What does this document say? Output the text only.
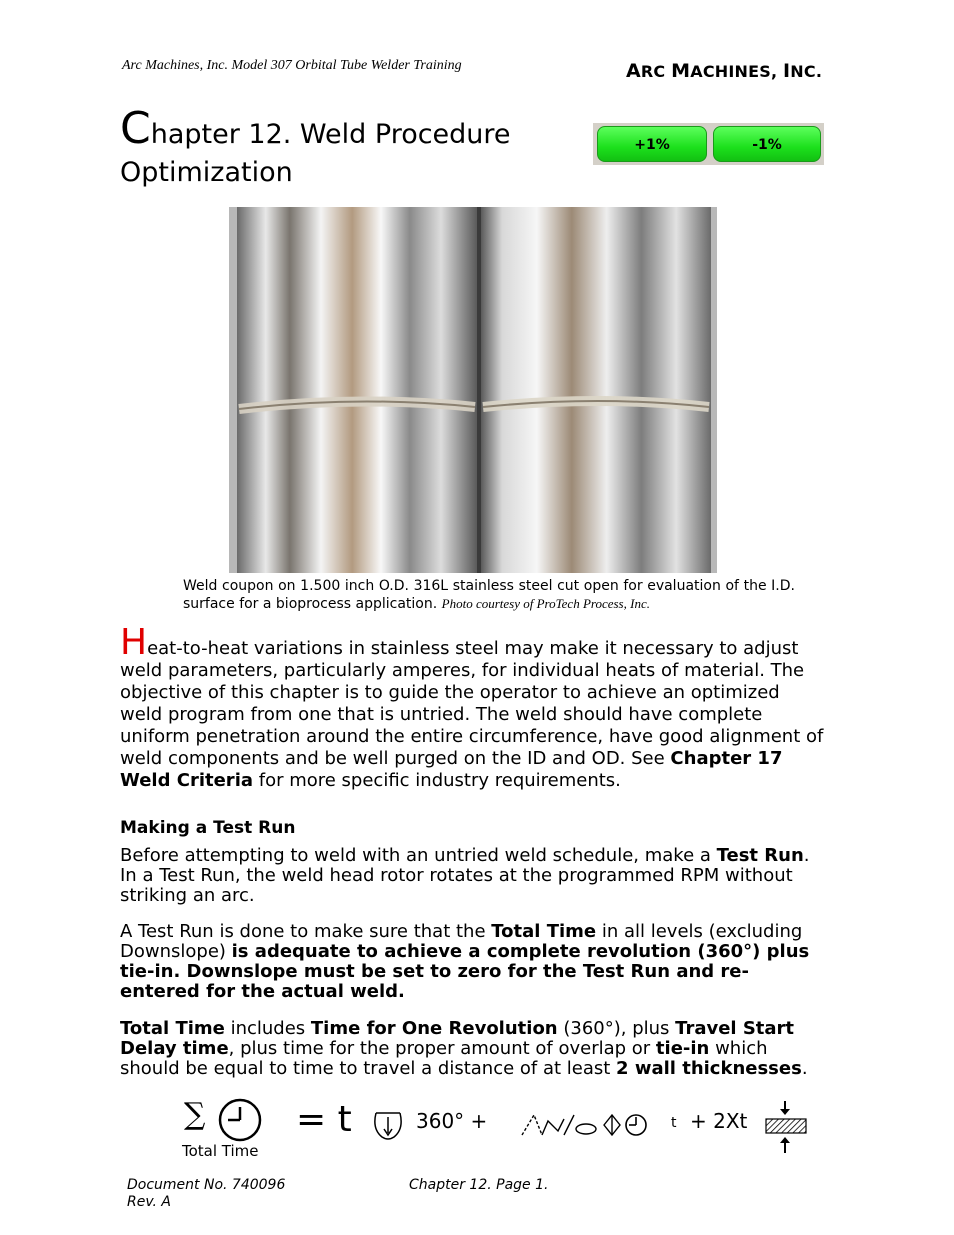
Arc Machines, Inc. Model 307 Orbital Tube Welder Training	ARC MACHINES, INC.
Chapter 12. Weld Procedure
Optimization
+1%	-1%
Weld coupon on 1.500 inch O.D. 316L stainless steel cut open for evaluation of the I.D. surface for a bioprocess application. Photo courtesy of ProTech Process, Inc.
Heat-to-heat variations in stainless steel may make it necessary to adjust weld parameters, particularly amperes, for individual heats of material. The objective of this chapter is to guide the operator to achieve an optimized weld program from one that is untried. The weld should have complete uniform penetration around the entire circumference, have good alignment of weld components and be well purged on the ID and OD. See Chapter 17 Weld Criteria for more specific industry requirements.
Making a Test Run
Before attempting to weld with an untried weld schedule, make a Test Run. In a Test Run, the weld head rotor rotates at the programmed RPM without striking an arc.
A Test Run is done to make sure that the Total Time in all levels (excluding Downslope) is adequate to achieve a complete revolution (360°) plus tie-in. Downslope must be set to zero for the Test Run and re-entered for the actual weld.
Total Time includes Time for One Revolution (360°), plus Travel Start Delay time, plus time for the proper amount of overlap or tie-in which should be equal to time to travel a distance of at least 2 wall thicknesses.
∑
Total Time
= t	360° +	t + 2Xt
Document No. 740096
Rev. A
Chapter 12. Page 1.
